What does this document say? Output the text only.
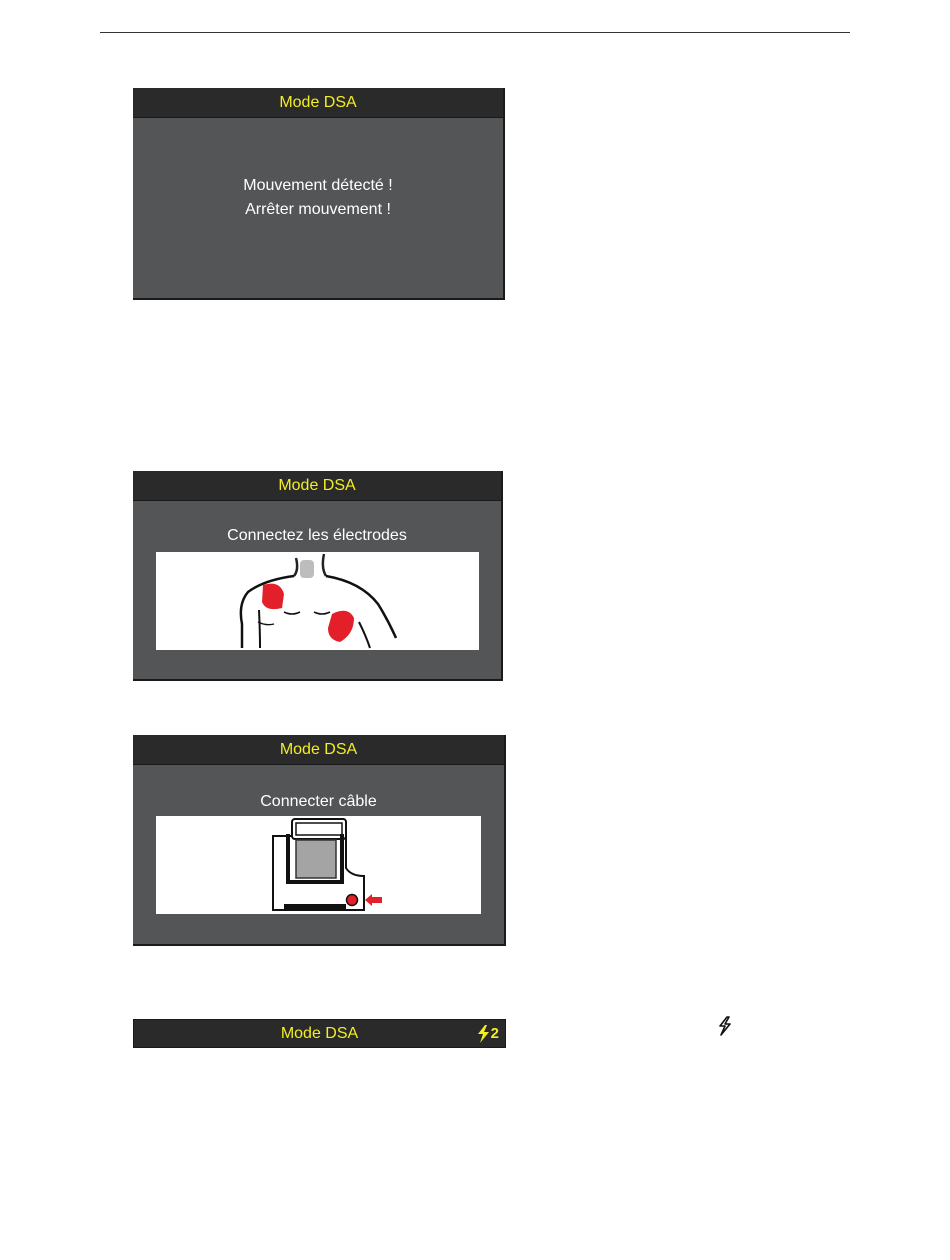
Mode DSA
Mouvement détecté !
Arrêter mouvement !
Mode DSA
Connectez les électrodes
Mode DSA
Connecter câble
Mode DSA	2
